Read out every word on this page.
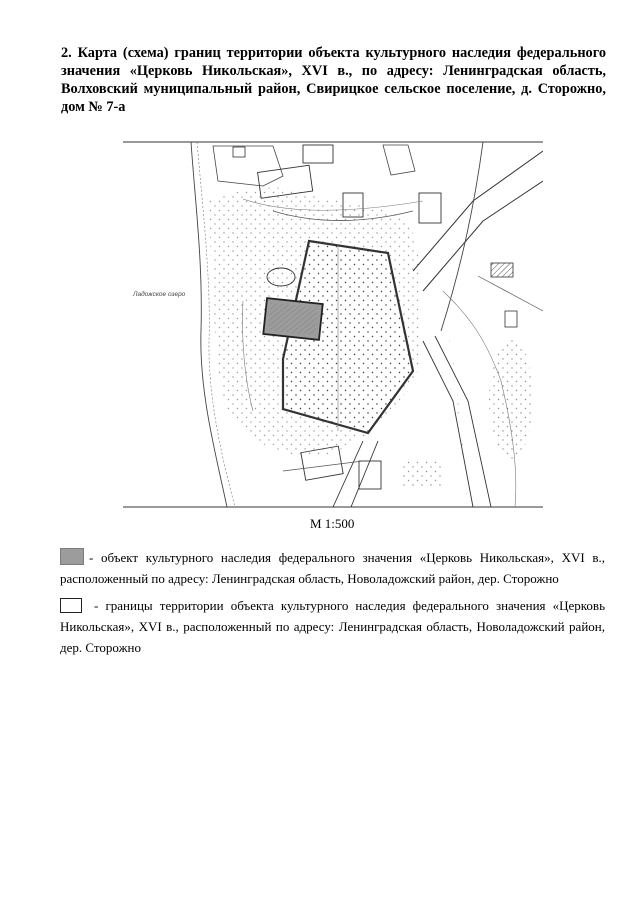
2. Карта (схема) границ территории объекта культурного наследия федерального значения «Церковь Никольская», XVI в., по адресу: Ленинградская область, Волховский муниципальный район, Свирицкое сельское поселение, д. Сторожно, дом № 7-а
Ладожское озеро
М 1:500
- объект культурного наследия федерального значения «Церковь Никольская», XVI в., расположенный по адресу: Ленинградская область, Новоладожский район, дер. Сторожно
- границы территории объекта культурного наследия федерального значения «Церковь Никольская», XVI в., расположенный по адресу: Ленинградская область, Новоладожский район, дер. Сторожно
